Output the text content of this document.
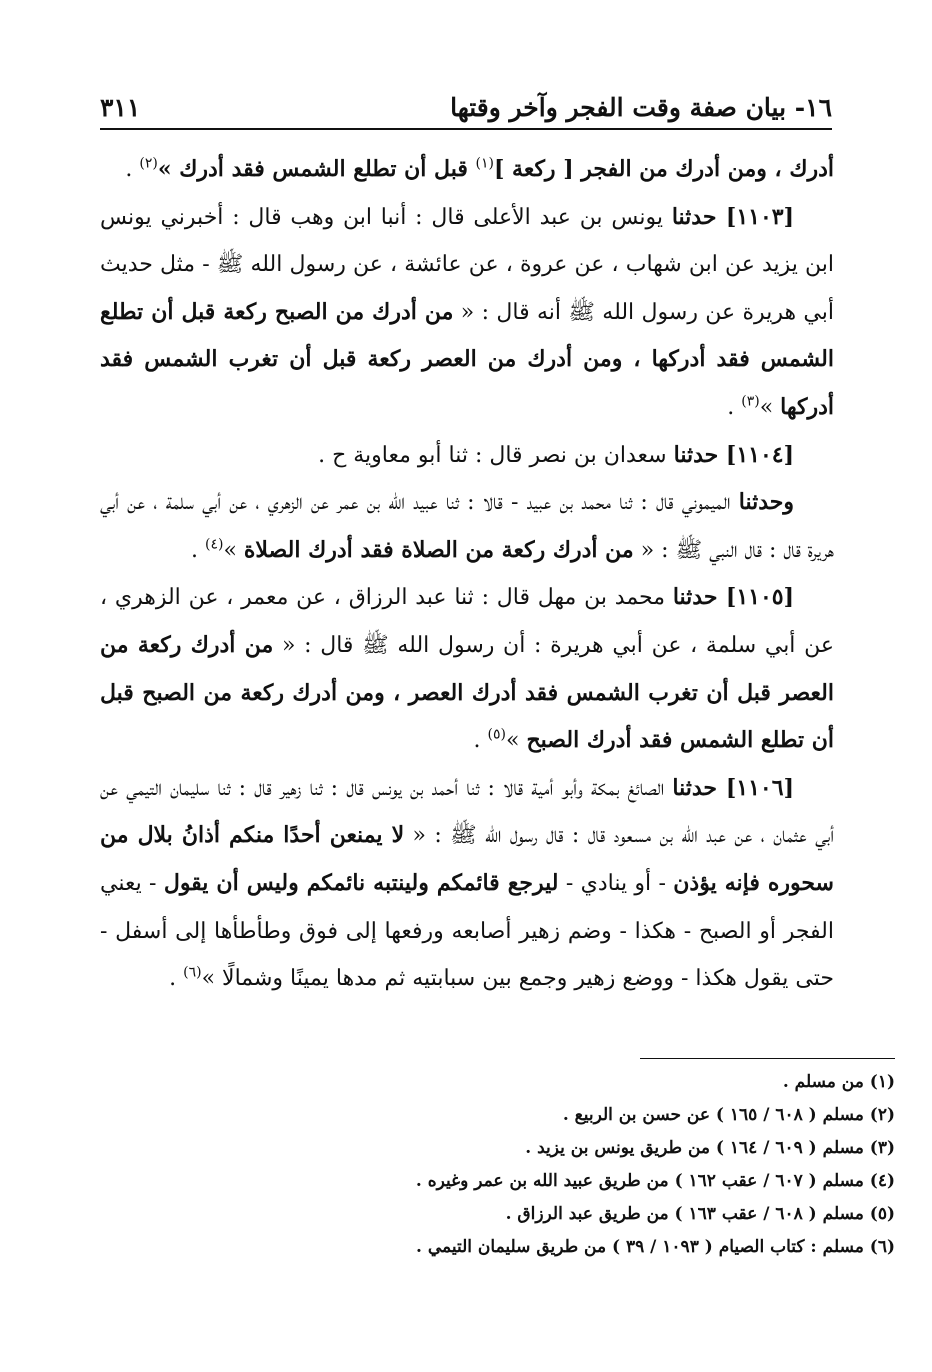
١٦- بيان صفة وقت الفجر وآخر وقتها
٣١١

أدرك ، ومن أدرك من الفجر [ ركعة ]$^{(١)}$ قبل أن تطلع الشمس فقد أدرك »$^{(٢)}$ .

[١١٠٣] حدثنا يونس بن عبد الأعلى قال : أنبا ابن وهب قال : أخبرني يونس ابن يزيد عن ابن شهاب ، عن عروة ، عن عائشة ، عن رسول الله ﷺ - مثل حديث أبي هريرة عن رسول الله ﷺ أنه قال : « من أدرك من الصبح ركعة قبل أن تطلع الشمس فقد أدركها ، ومن أدرك من العصر ركعة قبل أن تغرب الشمس فقد أدركها »$^{(٣)}$ .

[١١٠٤] حدثنا سعدان بن نصر قال : ثنا أبو معاوية ح .

وحدثنا الميموني قال : ثنا محمد بن عبيد - قالا : ثنا عبيد الله بن عمر عن الزهري ، عن أبي سلمة ، عن أبي هريرة قال : قال النبي ﷺ : « من أدرك ركعة من الصلاة فقد أدرك الصلاة »$^{(٤)}$ .

[١١٠٥] حدثنا محمد بن مهل قال : ثنا عبد الرزاق ، عن معمر ، عن الزهري ، عن أبي سلمة ، عن أبي هريرة : أن رسول الله ﷺ قال : « من أدرك ركعة من العصر قبل أن تغرب الشمس فقد أدرك العصر ، ومن أدرك ركعة من الصبح قبل أن تطلع الشمس فقد أدرك الصبح »$^{(٥)}$ .

[١١٠٦] حدثنا الصائغ بمكة وأبو أمية قالا : ثنا أحمد بن يونس قال : ثنا زهير قال : ثنا سليمان التيمي عن أبي عثمان ، عن عبد الله بن مسعود قال : قال رسول الله ﷺ : « لا يمنعن أحدًا منكم أذانُ بلال من سحوره فإنه يؤذن - أو ينادي - ليرجع قائمكم ولينتبه نائمكم وليس أن يقول - يعني الفجر أو الصبح - هكذا - وضم زهير أصابعه ورفعها إلى فوق وطأطأها إلى أسفل - حتى يقول هكذا - ووضع زهير وجمع بين سبابتيه ثم مدها يمينًا وشمالًا »$^{(٦)}$ .

(١) من مسلم .

(٢) مسلم ( ٦٠٨ / ١٦٥ ) عن حسن بن الربيع .

(٣) مسلم ( ٦٠٩ / ١٦٤ ) من طريق يونس بن يزيد .

(٤) مسلم ( ٦٠٧ / عقب ١٦٢ ) من طريق عبيد الله بن عمر وغيره .

(٥) مسلم ( ٦٠٨ / عقب ١٦٣ ) من طريق عبد الرزاق .

(٦) مسلم : كتاب الصيام ( ١٠٩٣ / ٣٩ ) من طريق سليمان التيمي .
